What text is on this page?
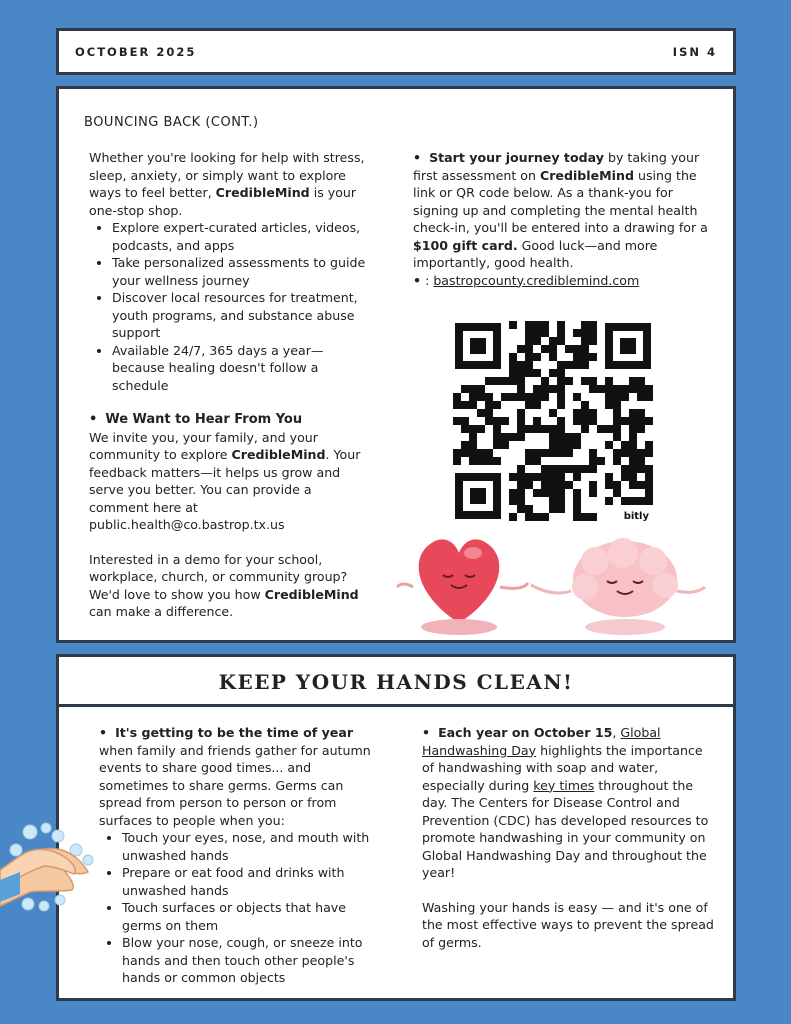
OCTOBER 2025	ISN 4
BOUNCING BACK (CONT.)
Whether you're looking for help with stress, sleep, anxiety, or simply want to explore ways to feel better, CredibleMind is your one-stop shop.
• Explore expert-curated articles, videos, podcasts, and apps
• Take personalized assessments to guide your wellness journey
• Discover local resources for treatment, youth programs, and substance abuse support
• Available 24/7, 365 days a year—because healing doesn't follow a schedule
• We Want to Hear From You
We invite you, your family, and your community to explore CredibleMind. Your feedback matters—it helps us grow and serve you better. You can provide a comment here at public.health@co.bastrop.tx.us
Interested in a demo for your school, workplace, church, or community group? We'd love to show you how CredibleMind can make a difference.
• Start your journey today by taking your first assessment on CredibleMind using the link or QR code below. As a thank-you for signing up and completing the mental health check-in, you'll be entered into a drawing for a $100 gift card. Good luck—and more importantly, good health.
• : bastropcounty.crediblemind.com
bitly
KEEP YOUR HANDS CLEAN!
• It's getting to be the time of year when family and friends gather for autumn events to share good times... and sometimes to share germs. Germs can spread from person to person or from surfaces to people when you:
• Touch your eyes, nose, and mouth with unwashed hands
• Prepare or eat food and drinks with unwashed hands
• Touch surfaces or objects that have germs on them
• Blow your nose, cough, or sneeze into hands and then touch other people's hands or common objects
• Each year on October 15, Global Handwashing Day highlights the importance of handwashing with soap and water, especially during key times throughout the day. The Centers for Disease Control and Prevention (CDC) has developed resources to promote handwashing in your community on Global Handwashing Day and throughout the year!
Washing your hands is easy — and it's one of the most effective ways to prevent the spread of germs.
